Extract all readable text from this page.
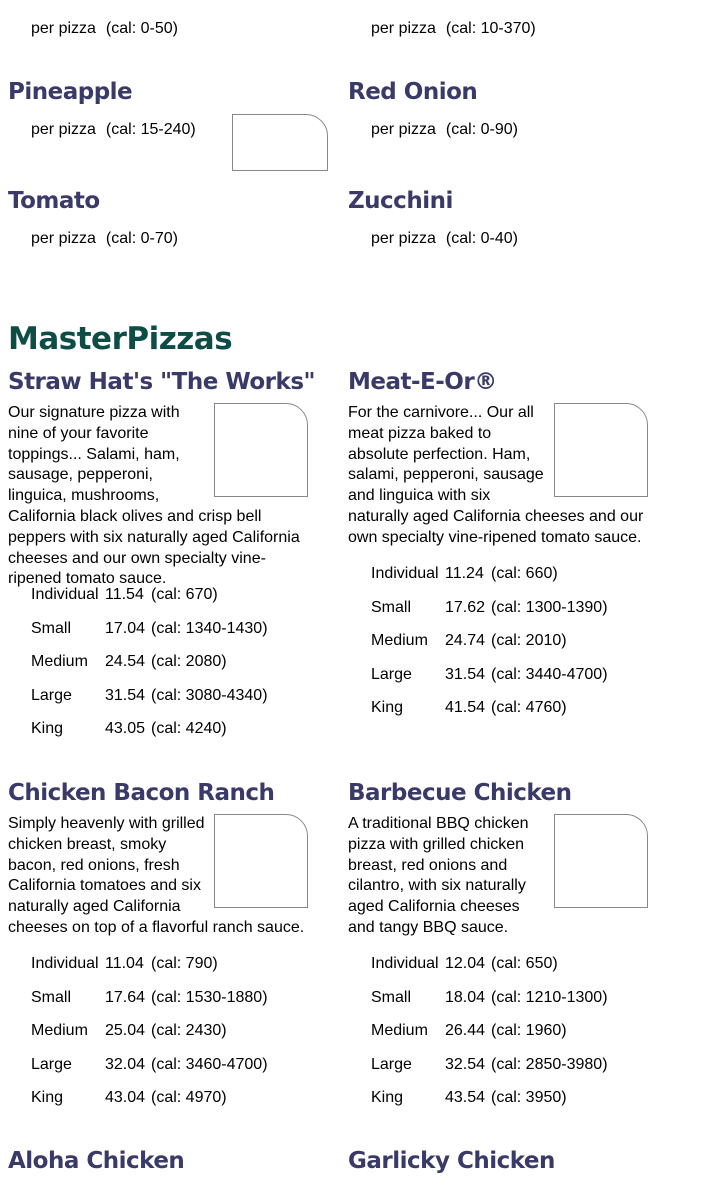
per pizza (cal: 0-50)	per pizza (cal: 10-370)
Pineapple
per pizza (cal: 15-240)
Red Onion
per pizza (cal: 0-90)
Tomato
per pizza (cal: 0-70)
Zucchini
per pizza (cal: 0-40)
MasterPizzas
Straw Hat's "The Works"
Our signature pizza with nine of your favorite toppings... Salami, ham, sausage, pepperoni, linguica, mushrooms, California black olives and crisp bell peppers with six naturally aged California cheeses and our own specialty vine-ripened tomato sauce.
Individual 11.54 (cal: 670)
Small 17.04 (cal: 1340-1430)
Medium 24.54 (cal: 2080)
Large 31.54 (cal: 3080-4340)
King	43.05 (cal: 4240)
Meat-E-Or®
For the carnivore... Our all meat pizza baked to absolute perfection. Ham, salami, pepperoni, sausage and linguica with six naturally aged California cheeses and our own specialty vine-ripened tomato sauce.
Individual 11.24 (cal: 660)
Small 17.62 (cal: 1300-1390)
Medium 24.74 (cal: 2010)
Large 31.54 (cal: 3440-4700)
King	41.54 (cal: 4760)
Chicken Bacon Ranch
Simply heavenly with grilled chicken breast, smoky bacon, red onions, fresh California tomatoes and six naturally aged California cheeses on top of a flavorful ranch sauce.
Individual 11.04 (cal: 790)
Small 17.64 (cal: 1530-1880)
Medium 25.04 (cal: 2430)
Large 32.04 (cal: 3460-4700)
King	43.04 (cal: 4970)
Barbecue Chicken
A traditional BBQ chicken pizza with grilled chicken breast, red onions and cilantro, with six naturally aged California cheeses and tangy BBQ sauce.
Individual 12.04 (cal: 650)
Small 18.04 (cal: 1210-1300)
Medium 26.44 (cal: 1960)
Large 32.54 (cal: 2850-3980)
King	43.54 (cal: 3950)
Aloha Chicken	Garlicky Chicken
